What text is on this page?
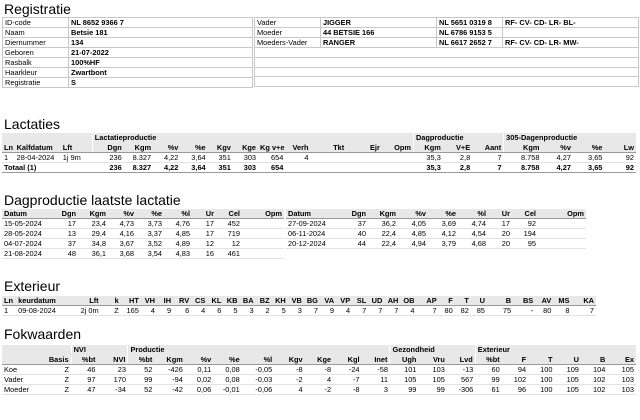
Registratie
ID-code	NL 8652 9366 7
Naam	Betsie 181
Diernummer	134
Geboren	21-07-2022
Rasbalk	100%HF
Haarkleur	Zwartbont
Registratie	S
Vader	JIGGER	NL 5651 0319 8	RF- CV- CD- LR- BL-
Moeder	44 BETSIE 166	NL 6786 9153 5	
Moeders-Vader	RANGER	NL 6617 2652 7	RF- CV- CD- LR- MW-

Lactaties
			Lactatieproductie											Dagproductie			305-Dagenproductie			
Ln	Kalfdatum	Lft	Dgn	Kgm	%v	%e	Kgv	Kge	Kg v+e	Verh	Tkt	Ejr	Opm	Kgm	V+E	Aant	Kgm	%v	%e	Lw
1	28-04-2024	1j 9m	236	8.327	4,22	3,64	351	303	654	4				35,3	2,8	7	8.758	4,27	3,65	92
Totaal (1)			236	8.327	4,22	3,64	351	303	654					35,3	2,8	7	8.758	4,27	3,65	92
Dagproductie laatste lactatie
Datum	Dgn	Kgm	%v	%e	%l	Ur	Cel	Opm
15-05-2024	17	23,4	4,73	3,73	4,76	17	452	
28-05-2024	13	29,4	4,16	3,37	4,85	17	719	
04-07-2024	37	34,8	3,67	3,52	4,89	12	12	
21-08-2024	48	36,1	3,68	3,54	4,83	16	461	
Datum	Dgn	Kgm	%v	%e	%l	Ur	Cel	Opm
27-09-2024	37	36,2	4,05	3,69	4,74	17	92	
06-11-2024	40	22,4	4,85	4,12	4,54	20	194	
20-12-2024	44	22,4	4,94	3,79	4,68	20	95	
Exterieur
Ln	keurdatum	Lft	k	HT	VH	IH	RV	CS	KL	KB	BA	BZ	KH	VB	BG	VA	VP	SL	UD	AH	OB	AP	F	T	U	B	BS	AV	MS	KA
1	09-08-2024	2j 0m	Z	165	4	9	6	4	6	5	3	2	5	3	7	9	4	7	7	7	4	7	80	82	85	75	-	80	8	7
Fokwaarden
		NVI		Productie									Gezondheid			Exterieur					
	Basis	%bt	NVI	%bt	Kgm	%v	%e	%l	Kgv	Kge	Kgl	Inet	Ugh	Vru	Lvd	%bt	F	T	U	B	Ex
Koe	Z	46	23	52	-426	0,11	0,08	-0,05	-8	-8	-24	-58	101	103	-13	60	94	100	109	104	105
Vader	Z	97	170	99	-94	0,02	0,08	-0,03	-2	4	-7	11	105	105	567	99	102	100	105	102	103
Moeder	Z	47	-34	52	-42	0,06	-0,01	-0,06	4	-2	-8	3	99	99	-306	61	96	100	105	102	103
